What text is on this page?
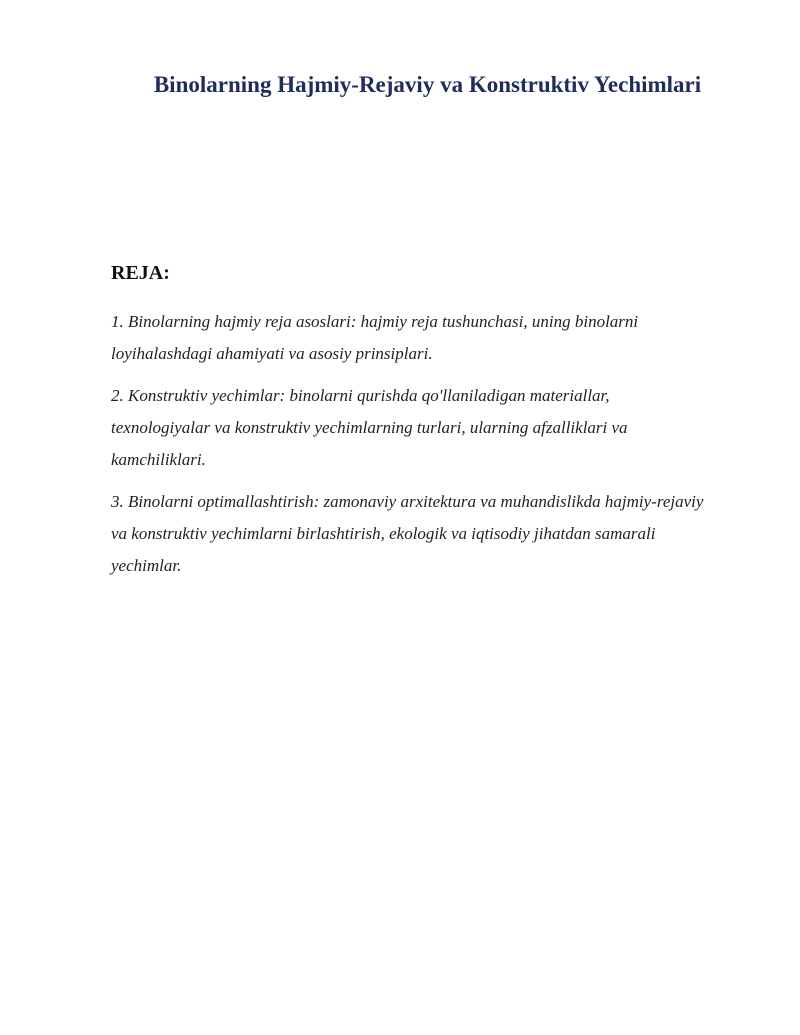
Binolarning Hajmiy-Rejaviy va Konstruktiv Yechimlari
REJA:
1. Binolarning hajmiy reja asoslari: hajmiy reja tushunchasi, uning binolarni loyihalashdagi ahamiyati va asosiy prinsiplari.
2. Konstruktiv yechimlar: binolarni qurishda qo'llaniladigan materiallar, texnologiyalar va konstruktiv yechimlarning turlari, ularning afzalliklari va kamchiliklari.
3. Binolarni optimallashtirish: zamonaviy arxitektura va muhandislikda hajmiy-rejaviy va konstruktiv yechimlarni birlashtirish, ekologik va iqtisodiy jihatdan samarali yechimlar.
